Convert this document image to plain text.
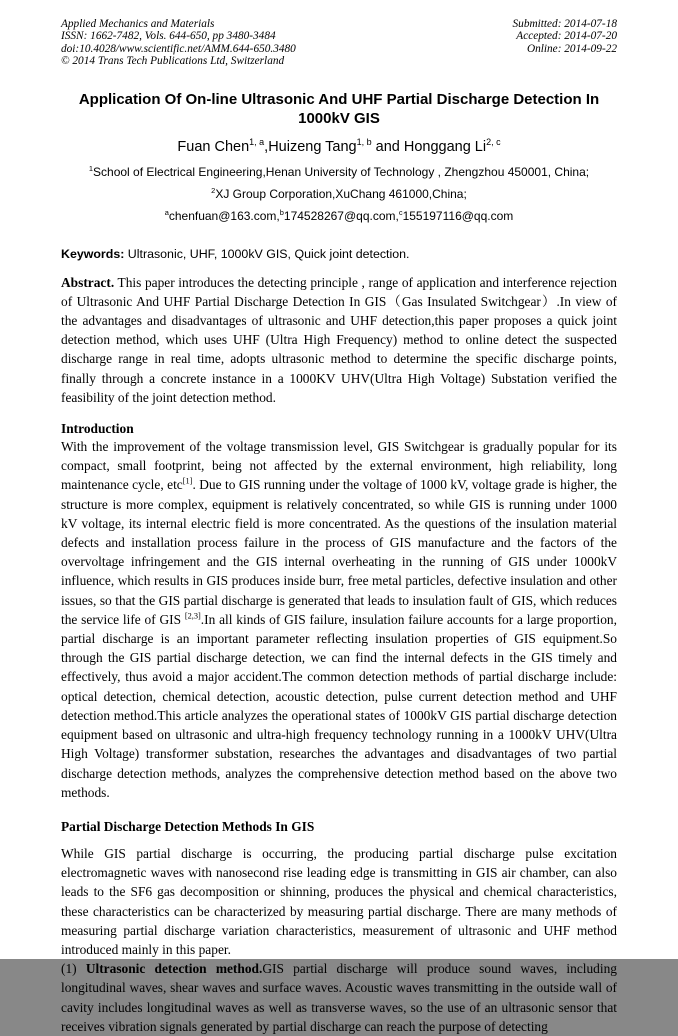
Applied Mechanics and Materials
ISSN: 1662-7482, Vols. 644-650, pp 3480-3484
doi:10.4028/www.scientific.net/AMM.644-650.3480
© 2014 Trans Tech Publications Ltd, Switzerland
Submitted: 2014-07-18
Accepted: 2014-07-20
Online: 2014-09-22
Application Of On-line Ultrasonic And UHF Partial Discharge Detection In 1000kV GIS
Fuan Chen$^{1, a}$,Huizeng Tang$^{1, b}$ and Honggang Li$^{2, c}$
$^1$School of Electrical Engineering,Henan University of Technology , Zhengzhou 450001, China;
$^2$XJ Group Corporation,XuChang 461000,China;
$^a$chenfuan@163.com,$^b$174528267@qq.com,$^c$155197116@qq.com
Keywords: Ultrasonic, UHF, 1000kV GIS, Quick joint detection.

Abstract. This paper introduces the detecting principle , range of application and interference rejection of Ultrasonic And UHF Partial Discharge Detection In GIS（Gas Insulated Switchgear）.In view of the advantages and disadvantages of ultrasonic and UHF detection,this paper proposes a quick joint detection method, which uses UHF (Ultra High Frequency) method to online detect the suspected discharge range in real time, adopts ultrasonic method to determine the specific discharge points, finally through a concrete instance in a 1000KV UHV(Ultra High Voltage) Substation verified the feasibility of the joint detection method.

Introduction

With the improvement of the voltage transmission level, GIS Switchgear is gradually popular for its compact, small footprint, being not affected by the external environment, high reliability, long maintenance cycle, etc[1]. Due to GIS running under the voltage of 1000 kV, voltage grade is higher, the structure is more complex, equipment is relatively concentrated, so while GIS is running under 1000 kV voltage, its internal electric field is more concentrated. As the questions of the insulation material defects and installation process failure in the process of GIS manufacture and the factors of the overvoltage infringement and the GIS internal overheating in the running of GIS under 1000kV influence, which results in GIS produces inside burr, free metal particles, defective insulation and other issues, so that the GIS partial discharge is generated that leads to insulation fault of GIS, which reduces the service life of GIS [2,3].In all kinds of GIS failure, insulation failure accounts for a large proportion, partial discharge is an important parameter reflecting insulation properties of GIS equipment.So through the GIS partial discharge detection, we can find the internal defects in the GIS timely and effectively, thus avoid a major accident.The common detection methods of partial discharge include: optical detection, chemical detection, acoustic detection, pulse current detection method and UHF detection method.This article analyzes the operational states of 1000kV GIS partial discharge detection equipment based on ultrasonic and ultra-high frequency technology running in a 1000kV UHV(Ultra High Voltage) transformer substation, researches the advantages and disadvantages of two partial discharge detection methods, analyzes the comprehensive detection method based on the above two methods.

Partial Discharge Detection Methods In GIS

While GIS partial discharge is occurring, the producing partial discharge pulse excitation electromagnetic waves with nanosecond rise leading edge is transmitting in GIS air chamber, can also leads to the SF6 gas decomposition or shinning, produces the physical and chemical characteristics, these characteristics can be characterized by measuring partial discharge. There are many methods of measuring partial discharge variation characteristics, measurement of ultrasonic and UHF method introduced mainly in this paper.

(1) Ultrasonic detection method.GIS partial discharge will produce sound waves, including longitudinal waves, shear waves and surface waves. Acoustic waves transmitting in the outside wall of cavity includes longitudinal waves as well as transverse waves, so the use of an ultrasonic sensor that receives vibration signals generated by partial discharge can reach the purpose of detecting
